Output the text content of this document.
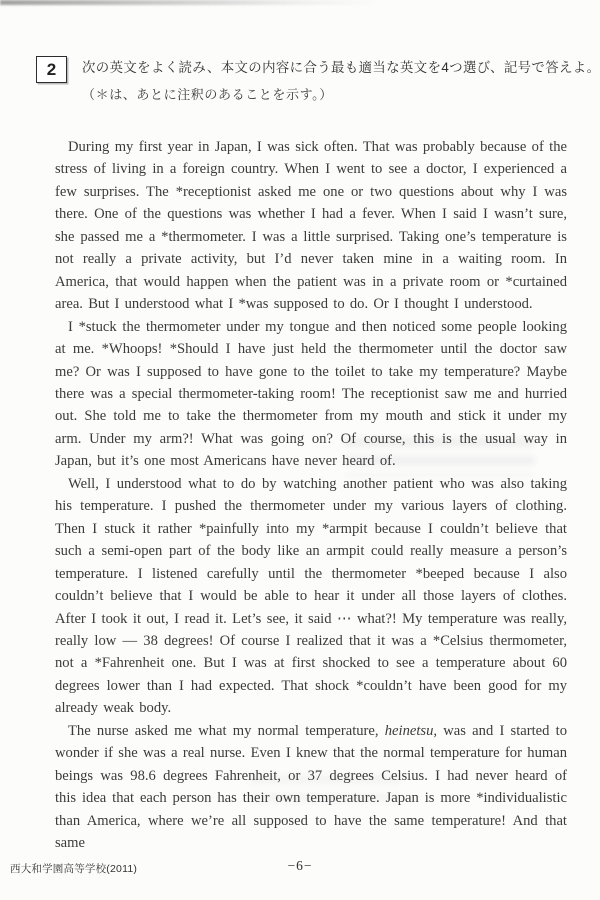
2 次の英文をよく読み、本文の内容に合う最も適当な英文を4つ選び、記号で答えよ。
（＊は、あとに注釈のあることを示す。）

During my first year in Japan, I was sick often. That was probably because of the stress of living in a foreign country. When I went to see a doctor, I experienced a few surprises. The *receptionist asked me one or two questions about why I was there. One of the questions was whether I had a fever. When I said I wasn’t sure, she passed me a *thermometer. I was a little surprised. Taking one’s temperature is not really a private activity, but I’d never taken mine in a waiting room. In America, that would happen when the patient was in a private room or *curtained area. But I understood what I *was supposed to do. Or I thought I understood.

I *stuck the thermometer under my tongue and then noticed some people looking at me. *Whoops! *Should I have just held the thermometer until the doctor saw me? Or was I supposed to have gone to the toilet to take my temperature? Maybe there was a special thermometer-taking room! The receptionist saw me and hurried out. She told me to take the thermometer from my mouth and stick it under my arm. Under my arm?! What was going on? Of course, this is the usual way in Japan, but it’s one most Americans have never heard of.

Well, I understood what to do by watching another patient who was also taking his temperature. I pushed the thermometer under my various layers of clothing. Then I stuck it rather *painfully into my *armpit because I couldn’t believe that such a semi-open part of the body like an armpit could really measure a person’s temperature. I listened carefully until the thermometer *beeped because I also couldn’t believe that I would be able to hear it under all those layers of clothes. After I took it out, I read it. Let’s see, it said ⋯ what?! My temperature was really, really low — 38 degrees! Of course I realized that it was a *Celsius thermometer, not a *Fahrenheit one. But I was at first shocked to see a temperature about 60 degrees lower than I had expected. That shock *couldn’t have been good for my already weak body.

The nurse asked me what my normal temperature, heinetsu, was and I started to wonder if she was a real nurse. Even I knew that the normal temperature for human beings was 98.6 degrees Fahrenheit, or 37 degrees Celsius. I had never heard of this idea that each person has their own temperature. Japan is more *individualistic than America, where we’re all supposed to have the same temperature! And that same

西大和学園高等学校(2011)	−6−
